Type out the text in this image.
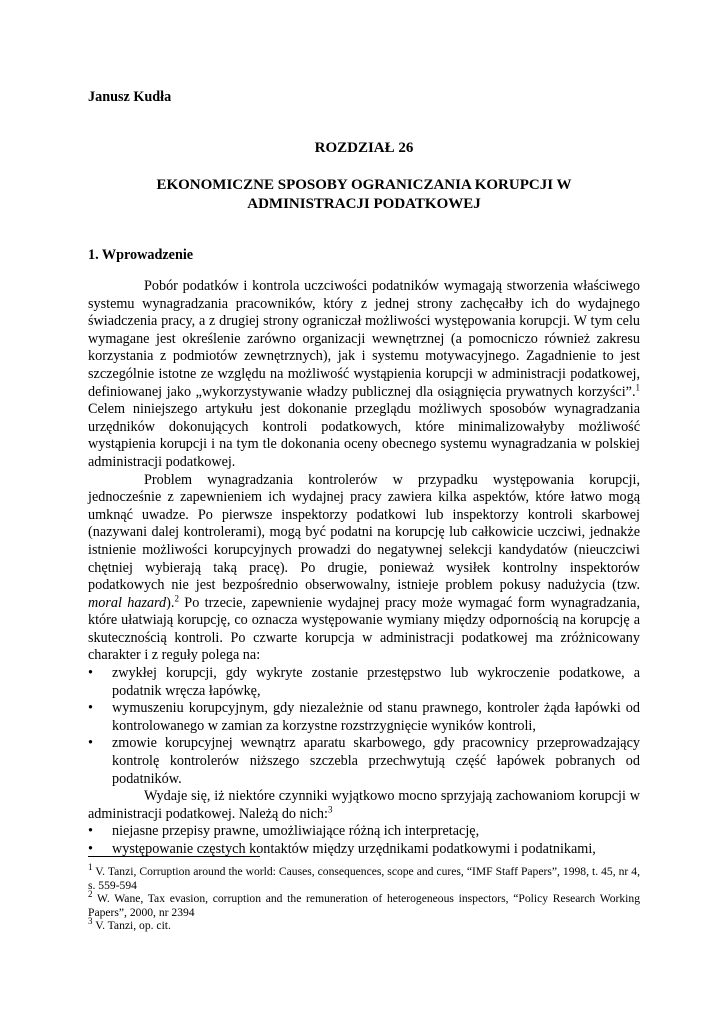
Janusz Kudła
ROZDZIAŁ 26
EKONOMICZNE SPOSOBY OGRANICZANIA KORUPCJI W
ADMINISTRACJI PODATKOWEJ
1. Wprowadzenie

Pobór podatków i kontrola uczciwości podatników wymagają stworzenia właściwego systemu wynagradzania pracowników, który z jednej strony zachęcałby ich do wydajnego świadczenia pracy, a z drugiej strony ograniczał możliwości występowania korupcji. W tym celu wymagane jest określenie zarówno organizacji wewnętrznej (a pomocniczo również zakresu korzystania z podmiotów zewnętrznych), jak i systemu motywacyjnego. Zagadnienie to jest szczególnie istotne ze względu na możliwość wystąpienia korupcji w administracji podatkowej, definiowanej jako „wykorzystywanie władzy publicznej dla osiągnięcia prywatnych korzyści”.$^1$ Celem niniejszego artykułu jest dokonanie przeglądu możliwych sposobów wynagradzania urzędników dokonujących kontroli podatkowych, które minimalizowałyby możliwość wystąpienia korupcji i na tym tle dokonania oceny obecnego systemu wynagradzania w polskiej administracji podatkowej.

Problem wynagradzania kontrolerów w przypadku występowania korupcji, jednocześnie z zapewnieniem ich wydajnej pracy zawiera kilka aspektów, które łatwo mogą umknąć uwadze. Po pierwsze inspektorzy podatkowi lub inspektorzy kontroli skarbowej (nazywani dalej kontrolerami), mogą być podatni na korupcję lub całkowicie uczciwi, jednakże istnienie możliwości korupcyjnych prowadzi do negatywnej selekcji kandydatów (nieuczciwi chętniej wybierają taką pracę). Po drugie, ponieważ wysiłek kontrolny inspektorów podatkowych nie jest bezpośrednio obserwowalny, istnieje problem pokusy nadużycia (tzw. moral hazard).$^2$ Po trzecie, zapewnienie wydajnej pracy może wymagać form wynagradzania, które ułatwiają korupcję, co oznacza występowanie wymiany między odpornością na korupcję a skutecznością kontroli. Po czwarte korupcja w administracji podatkowej ma zróżnicowany charakter i z reguły polega na:

• zwykłej korupcji, gdy wykryte zostanie przestępstwo lub wykroczenie podatkowe, a podatnik wręcza łapówkę,
• wymuszeniu korupcyjnym, gdy niezależnie od stanu prawnego, kontroler żąda łapówki od kontrolowanego w zamian za korzystne rozstrzygnięcie wyników kontroli,
• zmowie korupcyjnej wewnątrz aparatu skarbowego, gdy pracownicy przeprowadzający kontrolę kontrolerów niższego szczebla przechwytują część łapówek pobranych od podatników.

Wydaje się, iż niektóre czynniki wyjątkowo mocno sprzyjają zachowaniom korupcji w administracji podatkowej. Należą do nich:$^3$

• niejasne przepisy prawne, umożliwiające różną ich interpretację,
• występowanie częstych kontaktów między urzędnikami podatkowymi i podatnikami,
$^1$ V. Tanzi, Corruption around the world: Causes, consequences, scope and cures, “IMF Staff Papers”, 1998, t. 45, nr 4, s. 559-594
$^2$ W. Wane, Tax evasion, corruption and the remuneration of heterogeneous inspectors, “Policy Research Working Papers”, 2000, nr 2394
$^3$ V. Tanzi, op. cit.
